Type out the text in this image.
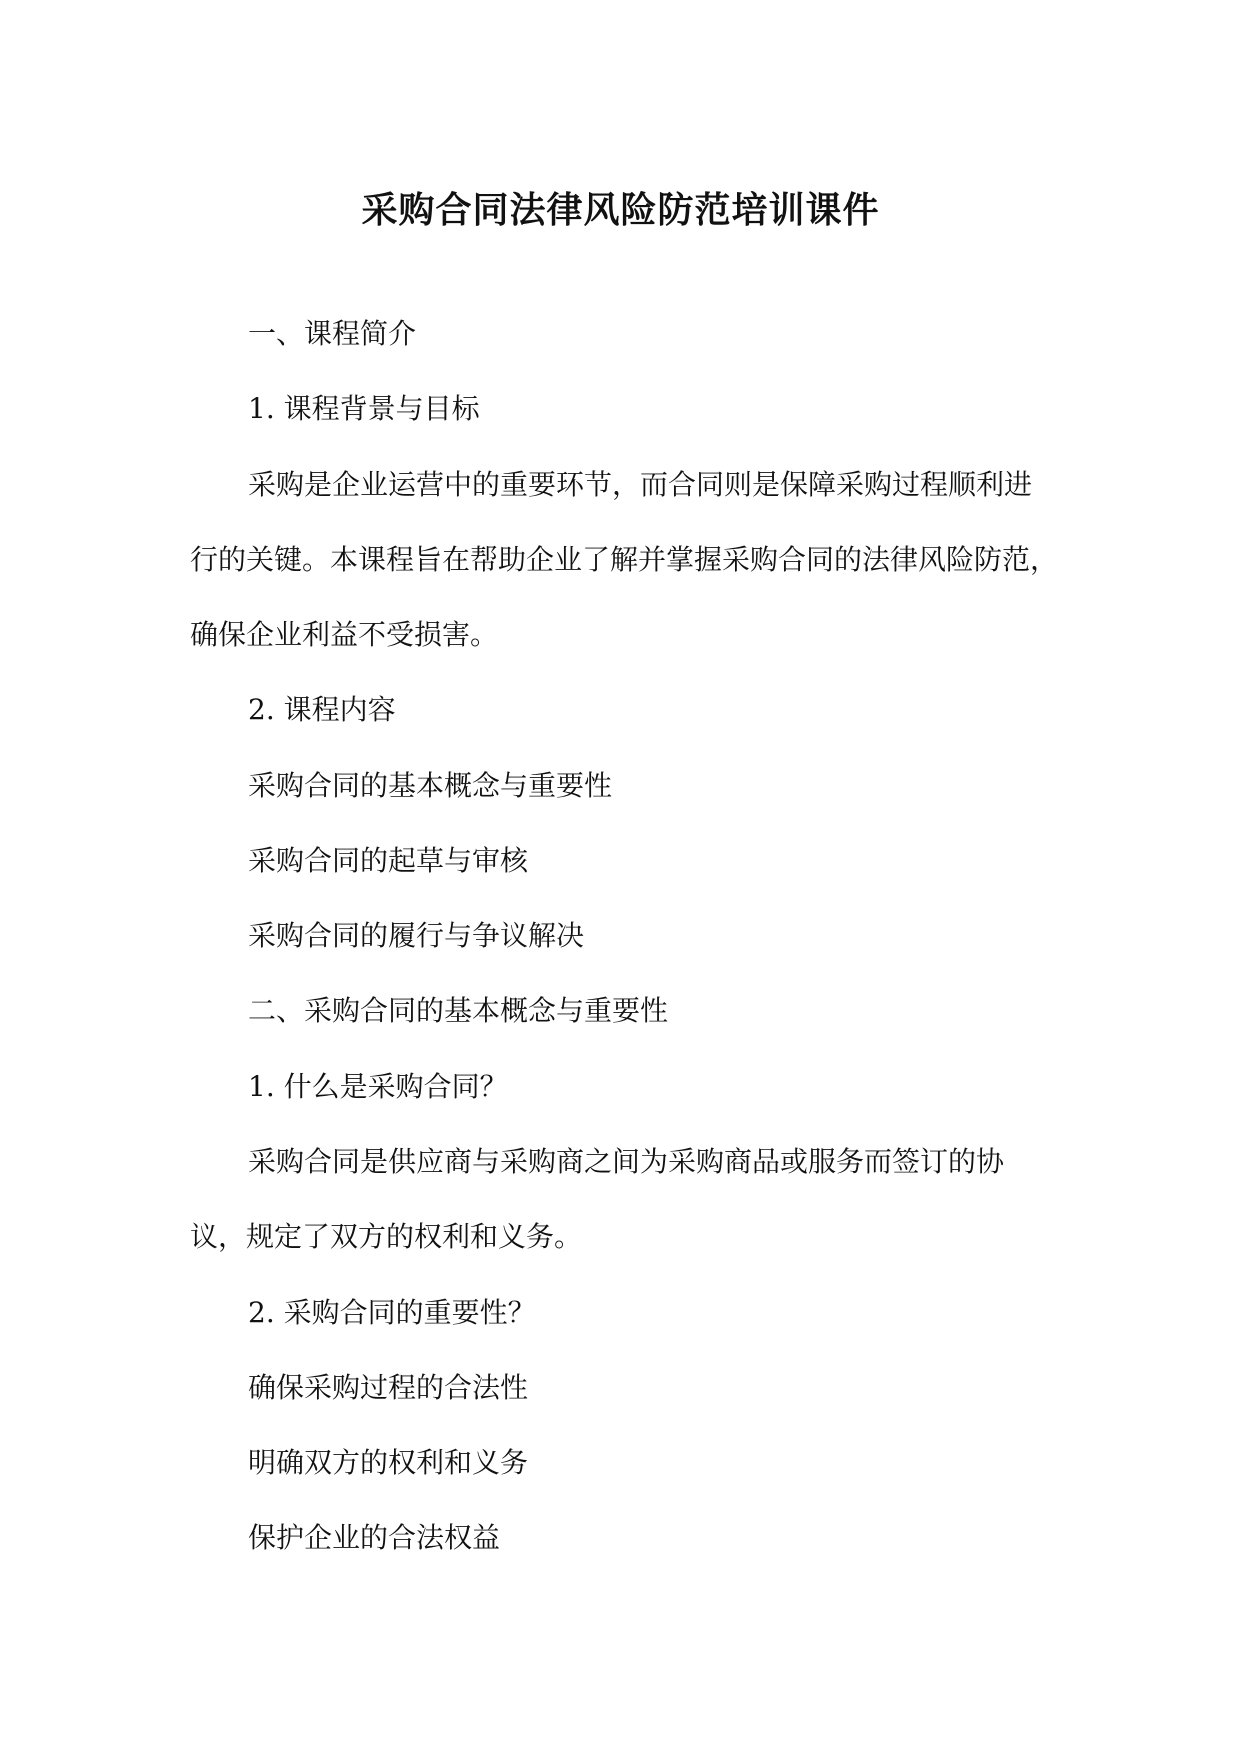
采购合同法律风险防范培训课件

一、课程简介

1. 课程背景与目标

采购是企业运营中的重要环节，而合同则是保障采购过程顺利进

行的关键。本课程旨在帮助企业了解并掌握采购合同的法律风险防范，

确保企业利益不受损害。

2. 课程内容

采购合同的基本概念与重要性

采购合同的起草与审核

采购合同的履行与争议解决

二、采购合同的基本概念与重要性

1. 什么是采购合同？

采购合同是供应商与采购商之间为采购商品或服务而签订的协

议，规定了双方的权利和义务。

2. 采购合同的重要性？

确保采购过程的合法性

明确双方的权利和义务

保护企业的合法权益
